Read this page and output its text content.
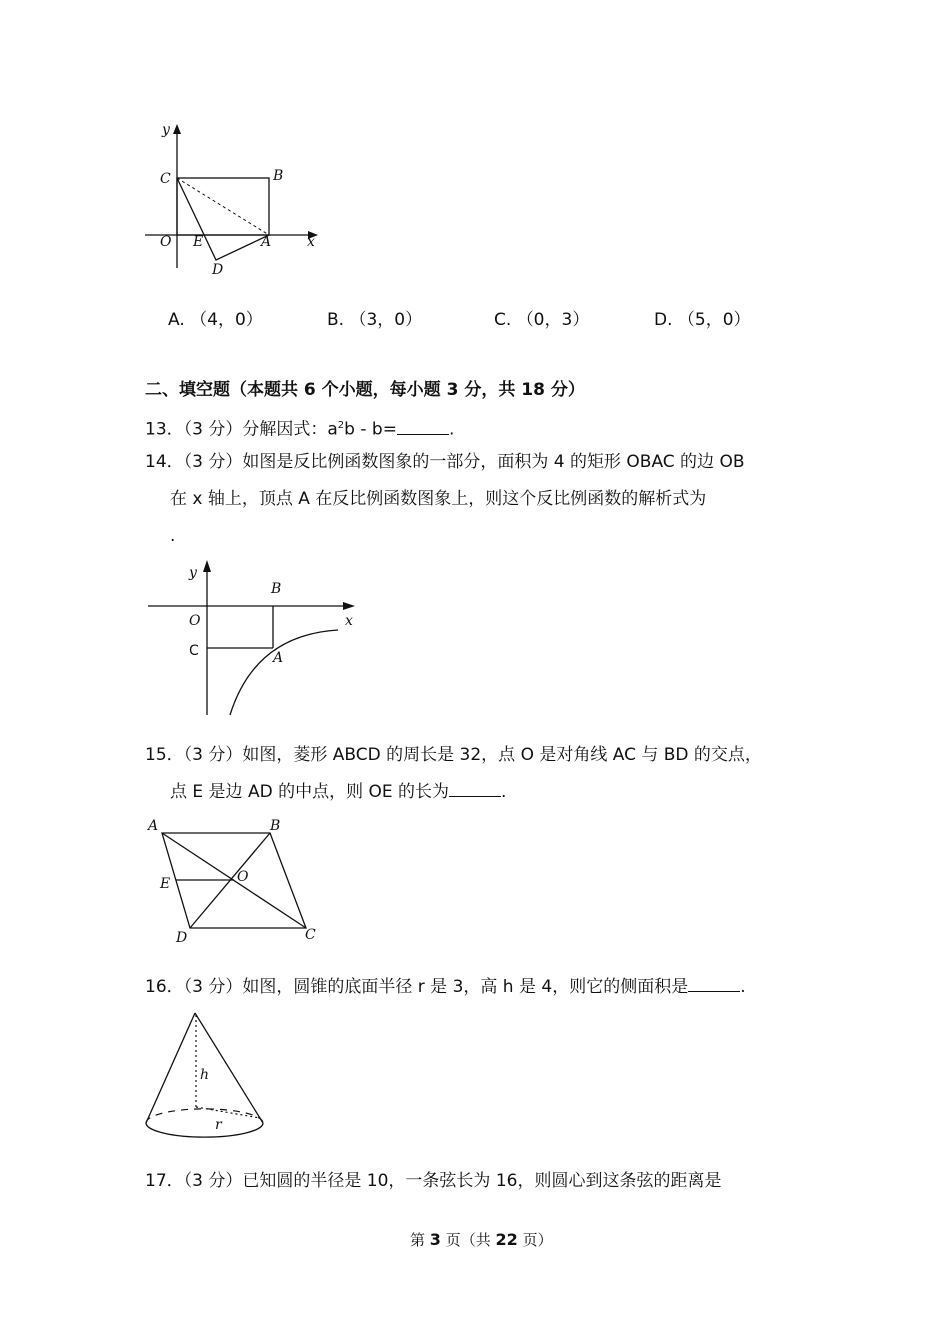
y
C	B
O E	A	x
D
A. （4，0）	B. （3，0）	C. （0，3）	D. （5，0）
二、填空题（本题共 6 个小题，每小题 3 分，共 18 分）
13．（3 分）分解因式：$a^2b - b=$	.
14．（3 分）如图是反比例函数图象的一部分，面积为 4 的矩形 OBAC 的边 OB
在 x 轴上，顶点 A 在反比例函数图象上，则这个反比例函数的解析式为
.
y
B
O	x
C	A
15．（3 分）如图，菱形 ABCD 的周长是 32，点 O 是对角线 AC 与 BD 的交点，
点 E 是边 AD 的中点，则 OE 的长为	.
A	B
E	O
D	C
16．（3 分）如图，圆锥的底面半径 r 是 3，高 h 是 4，则它的侧面积是	.
h
r
17．（3 分）已知圆的半径是 10，一条弦长为 16，则圆心到这条弦的距离是
第 3 页（共 22 页）
